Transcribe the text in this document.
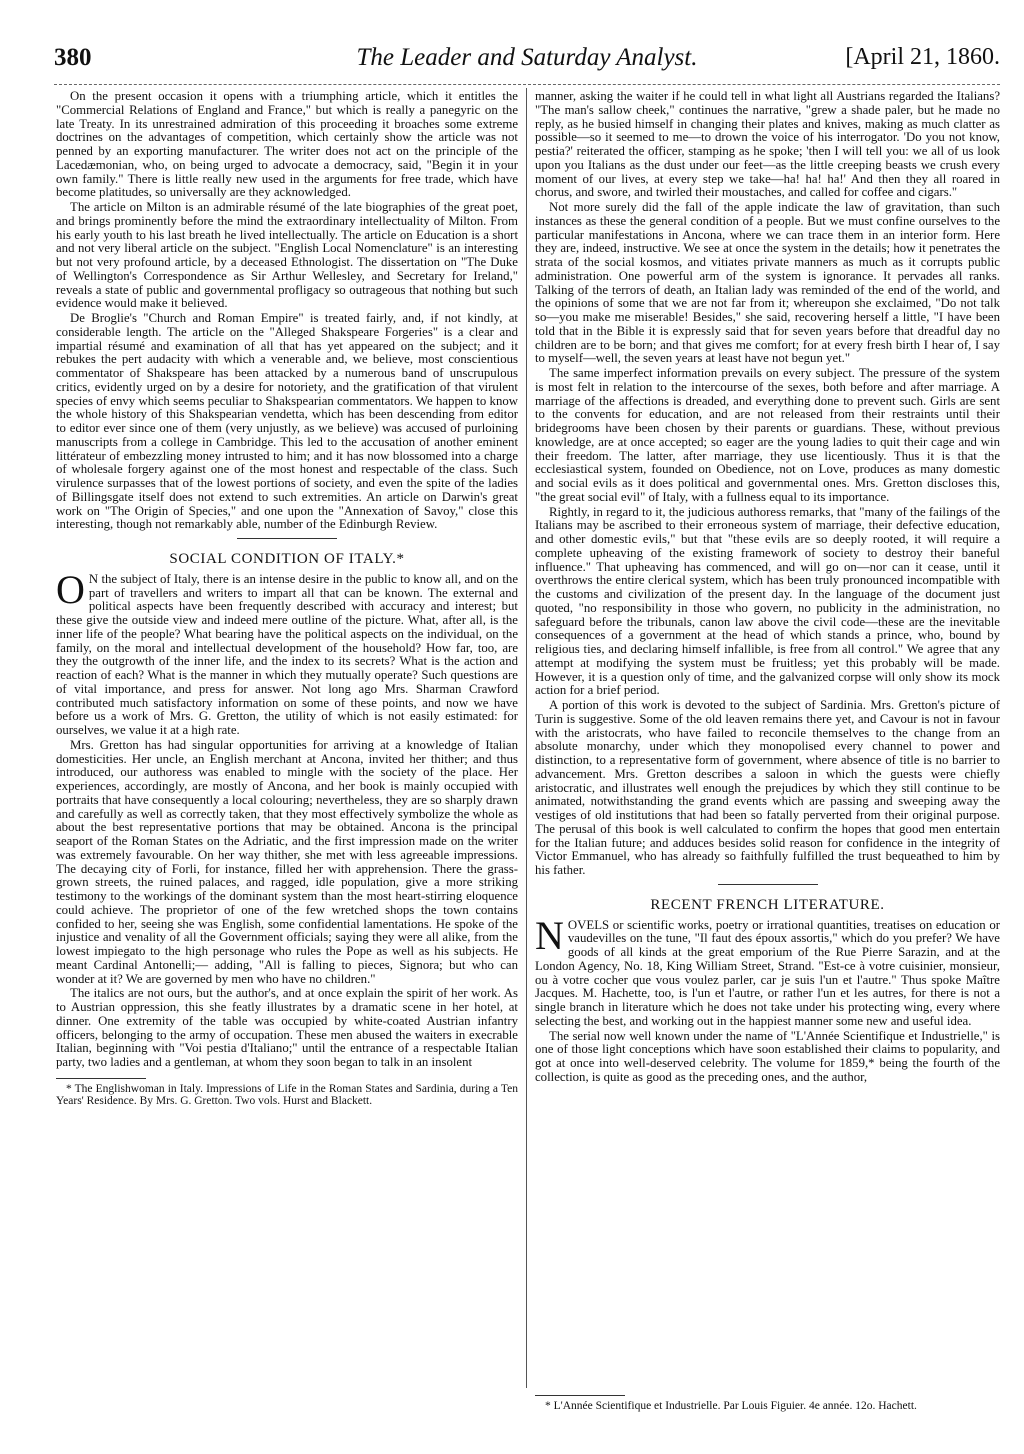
380	The Leader and Saturday Analyst.	[April 21, 1860.

On the present occasion it opens with a triumphing article, which it entitles the "Commercial Relations of England and France," but which is really a panegyric on the late Treaty. In its unrestrained admiration of this proceeding it broaches some extreme doctrines on the advantages of competition, which certainly show the article was not penned by an exporting manufacturer. The writer does not act on the principle of the Lacedæmonian, who, on being urged to advocate a democracy, said, "Begin it in your own family." There is little really new used in the arguments for free trade, which have become platitudes, so universally are they acknowledged.

The article on Milton is an admirable résumé of the late biographies of the great poet, and brings prominently before the mind the extraordinary intellectuality of Milton. From his early youth to his last breath he lived intellectually. The article on Education is a short and not very liberal article on the subject. "English Local Nomenclature" is an interesting but not very profound article, by a deceased Ethnologist. The dissertation on "The Duke of Wellington's Correspondence as Sir Arthur Wellesley, and Secretary for Ireland," reveals a state of public and governmental profligacy so outrageous that nothing but such evidence would make it believed.

De Broglie's "Church and Roman Empire" is treated fairly, and, if not kindly, at considerable length. The article on the "Alleged Shakspeare Forgeries" is a clear and impartial résumé and examination of all that has yet appeared on the subject; and it rebukes the pert audacity with which a venerable and, we believe, most conscientious commentator of Shakspeare has been attacked by a numerous band of unscrupulous critics, evidently urged on by a desire for notoriety, and the gratification of that virulent species of envy which seems peculiar to Shakspearian commentators. We happen to know the whole history of this Shakspearian vendetta, which has been descending from editor to editor ever since one of them (very unjustly, as we believe) was accused of purloining manuscripts from a college in Cambridge. This led to the accusation of another eminent littérateur of embezzling money intrusted to him; and it has now blossomed into a charge of wholesale forgery against one of the most honest and respectable of the class. Such virulence surpasses that of the lowest portions of society, and even the spite of the ladies of Billingsgate itself does not extend to such extremities. An article on Darwin's great work on "The Origin of Species," and one upon the "Annexation of Savoy," close this interesting, though not remarkably able, number of the Edinburgh Review.

SOCIAL CONDITION OF ITALY.*

O N the subject of Italy, there is an intense desire in the public to know all, and on the part of travellers and writers to impart all that can be known. The external and political aspects have been frequently described with accuracy and interest; but these give the outside view and indeed mere outline of the picture. What, after all, is the inner life of the people? What bearing have the political aspects on the individual, on the family, on the moral and intellectual development of the household? How far, too, are they the outgrowth of the inner life, and the index to its secrets? What is the action and reaction of each? What is the manner in which they mutually operate? Such questions are of vital importance, and press for answer. Not long ago Mrs. Sharman Crawford contributed much satisfactory information on some of these points, and now we have before us a work of Mrs. G. Gretton, the utility of which is not easily estimated: for ourselves, we value it at a high rate.

Mrs. Gretton has had singular opportunities for arriving at a knowledge of Italian domesticities. Her uncle, an English merchant at Ancona, invited her thither; and thus introduced, our authoress was enabled to mingle with the society of the place. Her experiences, accordingly, are mostly of Ancona, and her book is mainly occupied with portraits that have consequently a local colouring; nevertheless, they are so sharply drawn and carefully as well as correctly taken, that they most effectively symbolize the whole as about the best representative portions that may be obtained. Ancona is the principal seaport of the Roman States on the Adriatic, and the first impression made on the writer was extremely favourable. On her way thither, she met with less agreeable impressions. The decaying city of Forli, for instance, filled her with apprehension. There the grass-grown streets, the ruined palaces, and ragged, idle population, give a more striking testimony to the workings of the dominant system than the most heart-stirring eloquence could achieve. The proprietor of one of the few wretched shops the town contains confided to her, seeing she was English, some confidential lamentations. He spoke of the injustice and venality of all the Government officials; saying they were all alike, from the lowest impiegato to the high personage who rules the Pope as well as his subjects. He meant Cardinal Antonelli;— adding, "All is falling to pieces, Signora; but who can wonder at it? We are governed by men who have no children."

The italics are not ours, but the author's, and at once explain the spirit of her work. As to Austrian oppression, this she featly illustrates by a dramatic scene in her hotel, at dinner. One extremity of the table was occupied by white-coated Austrian infantry officers, belonging to the army of occupation. These men abused the waiters in execrable Italian, beginning with "Voi pestia d'Italiano;" until the entrance of a respectable Italian party, two ladies and a gentleman, at whom they soon began to talk in an insolent

* The Englishwoman in Italy. Impressions of Life in the Roman States and Sardinia, during a Ten Years' Residence. By Mrs. G. Gretton. Two vols. Hurst and Blackett.

manner, asking the waiter if he could tell in what light all Austrians regarded the Italians? "The man's sallow cheek," continues the narrative, "grew a shade paler, but he made no reply, as he busied himself in changing their plates and knives, making as much clatter as possible—so it seemed to me—to drown the voice of his interrogator. 'Do you not know, pestia?' reiterated the officer, stamping as he spoke; 'then I will tell you: we all of us look upon you Italians as the dust under our feet—as the little creeping beasts we crush every moment of our lives, at every step we take—ha! ha! ha!' And then they all roared in chorus, and swore, and twirled their moustaches, and called for coffee and cigars."

Not more surely did the fall of the apple indicate the law of gravitation, than such instances as these the general condition of a people. But we must confine ourselves to the particular manifestations in Ancona, where we can trace them in an interior form. Here they are, indeed, instructive. We see at once the system in the details; how it penetrates the strata of the social kosmos, and vitiates private manners as much as it corrupts public administration. One powerful arm of the system is ignorance. It pervades all ranks. Talking of the terrors of death, an Italian lady was reminded of the end of the world, and the opinions of some that we are not far from it; whereupon she exclaimed, "Do not talk so—you make me miserable! Besides," she said, recovering herself a little, "I have been told that in the Bible it is expressly said that for seven years before that dreadful day no children are to be born; and that gives me comfort; for at every fresh birth I hear of, I say to myself—well, the seven years at least have not begun yet."

The same imperfect information prevails on every subject. The pressure of the system is most felt in relation to the intercourse of the sexes, both before and after marriage. A marriage of the affections is dreaded, and everything done to prevent such. Girls are sent to the convents for education, and are not released from their restraints until their bridegrooms have been chosen by their parents or guardians. These, without previous knowledge, are at once accepted; so eager are the young ladies to quit their cage and win their freedom. The latter, after marriage, they use licentiously. Thus it is that the ecclesiastical system, founded on Obedience, not on Love, produces as many domestic and social evils as it does political and governmental ones. Mrs. Gretton discloses this, "the great social evil" of Italy, with a fullness equal to its importance.

Rightly, in regard to it, the judicious authoress remarks, that "many of the failings of the Italians may be ascribed to their erroneous system of marriage, their defective education, and other domestic evils," but that "these evils are so deeply rooted, it will require a complete upheaving of the existing framework of society to destroy their baneful influence." That upheaving has commenced, and will go on—nor can it cease, until it overthrows the entire clerical system, which has been truly pronounced incompatible with the customs and civilization of the present day. In the language of the document just quoted, "no responsibility in those who govern, no publicity in the administration, no safeguard before the tribunals, canon law above the civil code—these are the inevitable consequences of a government at the head of which stands a prince, who, bound by religious ties, and declaring himself infallible, is free from all control." We agree that any attempt at modifying the system must be fruitless; yet this probably will be made. However, it is a question only of time, and the galvanized corpse will only show its mock action for a brief period.

A portion of this work is devoted to the subject of Sardinia. Mrs. Gretton's picture of Turin is suggestive. Some of the old leaven remains there yet, and Cavour is not in favour with the aristocrats, who have failed to reconcile themselves to the change from an absolute monarchy, under which they monopolised every channel to power and distinction, to a representative form of government, where absence of title is no barrier to advancement. Mrs. Gretton describes a saloon in which the guests were chiefly aristocratic, and illustrates well enough the prejudices by which they still continue to be animated, notwithstanding the grand events which are passing and sweeping away the vestiges of old institutions that had been so fatally perverted from their original purpose. The perusal of this book is well calculated to confirm the hopes that good men entertain for the Italian future; and adduces besides solid reason for confidence in the integrity of Victor Emmanuel, who has already so faithfully fulfilled the trust bequeathed to him by his father.

RECENT FRENCH LITERATURE.

NOVELS or scientific works, poetry or irrational quantities, treatises on education or vaudevilles on the tune, "Il faut des époux assortis," which do you prefer? We have goods of all kinds at the great emporium of the Rue Pierre Sarazin, and at the London Agency, No. 18, King William Street, Strand. "Est-ce à votre cuisinier, monsieur, ou à votre cocher que vous voulez parler, car je suis l'un et l'autre." Thus spoke Maître Jacques. M. Hachette, too, is l'un et l'autre, or rather l'un et les autres, for there is not a single branch in literature which he does not take under his protecting wing, every where selecting the best, and working out in the happiest manner some new and useful idea.

The serial now well known under the name of "L'Année Scientifique et Industrielle," is one of those light conceptions which have soon established their claims to popularity, and got at once into well-deserved celebrity. The volume for 1859,* being the fourth of the collection, is quite as good as the preceding ones, and the author,

* L'Année Scientifique et Industrielle. Par Louis Figuier. 4e année. 12o. Hachett.
